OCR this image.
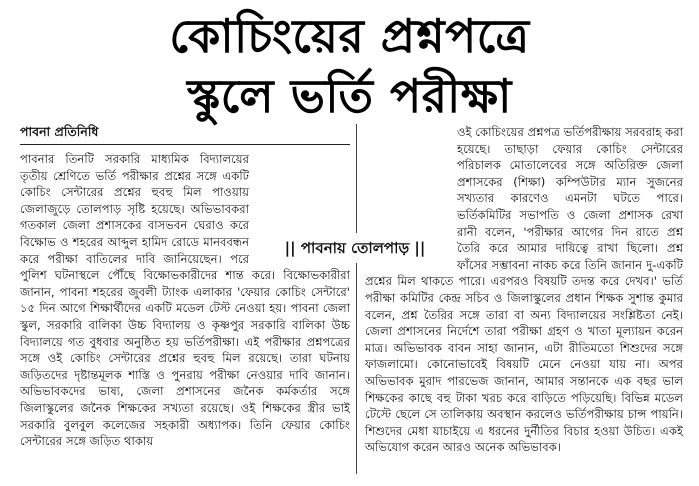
কোচিংয়ের প্রশ্নপত্রে
স্কুলে ভর্তি পরীক্ষা
পাবনা প্রতিনিধি

পাবনার তিনটি সরকারি মাধ্যমিক বিদ্যালয়ের তৃতীয় শ্রেণিতে ভর্তি পরীক্ষার প্রশ্নের সঙ্গে একটি কোচিং সেন্টারের প্রশ্নের হুবহু মিল পাওয়ায় জেলাজুড়ে তোলপাড় সৃষ্টি হয়েছে। অভিভাবকরা গতকাল জেলা প্রশাসকের বাসভবন ঘেরাও করে বিক্ষোভ ও শহরের আব্দুল হামিদ রোডে মানববন্ধন করে পরীক্ষা বাতিলের দাবি জানিয়েছেন। পরে পুলিশ ঘটনাস্থলে পৌঁছে বিক্ষোভকারীদের শান্ত করে। বিক্ষোভকারীরা জানান, পাবনা শহরের জুবলী ট্যাংক এলাকার 'ফেয়ার কোচিং সেন্টারে' ১৫ দিন আগে শিক্ষার্থীদের একটি মডেল টেস্ট নেওয়া হয়। পাবনা জেলা স্কুল, সরকারি বালিকা উচ্চ বিদ্যালয় ও কৃষ্ণপুর সরকারি বালিকা উচ্চ বিদ্যালয়ে গত বুধবার অনুষ্ঠিত হয় ভর্তিপরীক্ষা। এই পরীক্ষার প্রশ্নপত্রের সঙ্গে ওই কোচিং সেন্টারের প্রশ্নের হুবহু মিল রয়েছে। তারা ঘটনায় জড়িতদের দৃষ্টান্তমূলক শাস্তি ও পুনরায় পরীক্ষা নেওয়ার দাবি জানান। অভিভাবকদের ভাষ্য, জেলা প্রশাসনের জনৈক কর্মকর্তার সঙ্গে জিলাস্কুলের জনৈক শিক্ষকের সখ্যতা রয়েছে। ওই শিক্ষকের স্ত্রীর ভাই সরকারি বুলবুল কলেজের সহকারী অধ্যাপক। তিনি ফেয়ার কোচিং সেন্টারের সঙ্গে জড়িত থাকায়

ওই কোচিংয়ের প্রশ্নপত্র ভর্তিপরীক্ষায় সরবরাহ করা হয়েছে। তাছাড়া ফেয়ার কোচিং সেন্টারের পরিচালক মোতালেবের সঙ্গে অতিরিক্ত জেলা প্রশাসকের (শিক্ষা) কম্পিউটার ম্যান সুজনের সখ্যতার কারণেও এমনটা ঘটতে পারে। ভর্তিকমিটির সভাপতি ও জেলা প্রশাসক রেখা রানী বলেন, 'পরীক্ষার আগের দিন রাতে প্রশ্ন তৈরি করে আমার দায়িত্বে রাখা ছিলো। প্রশ্ন ফাঁসের সম্ভাবনা নাকচ করে তিনি জানান দু-একটি প্রশ্নের মিল থাকতে পারে। এরপরও বিষয়টি তদন্ত করে দেখব।' ভর্তি পরীক্ষা কমিটির কেন্দ্র সচিব ও জিলাস্কুলের প্রধান শিক্ষক সুশান্ত কুমার বলেন, প্রশ্ন তৈরির সঙ্গে তারা বা অন্য বিদ্যালয়ের সংশ্লিষ্টতা নেই। জেলা প্রশাসনের নির্দেশে তারা পরীক্ষা গ্রহণ ও খাতা মূল্যায়ন করেন মাত্র। অভিভাবক বাবন সাহা জানান, এটা রীতিমতো শিশুদের সঙ্গে ফাজলামো। কোনোভাবেই বিষয়টি মেনে নেওয়া যায় না। অপর অভিভাবক মুরাদ পারভেজ জানান, আমার সন্তানকে এক বছর ভাল শিক্ষকের কাছে বহু টাকা খরচ করে বাড়িতে পড়িয়েছি। বিভিন্ন মডেল টেস্টে ছেলে সে তালিকায় অবস্থান করলেও ভর্তিপরীক্ষায় চান্স পায়নি। শিশুদের মেধা যাচাইয়ে এ ধরনের দুর্নীতির বিচার হওয়া উচিত। একই অভিযোগ করেন আরও অনেক অভিভাবক।

|| পাবনায় তোলপাড় ||
